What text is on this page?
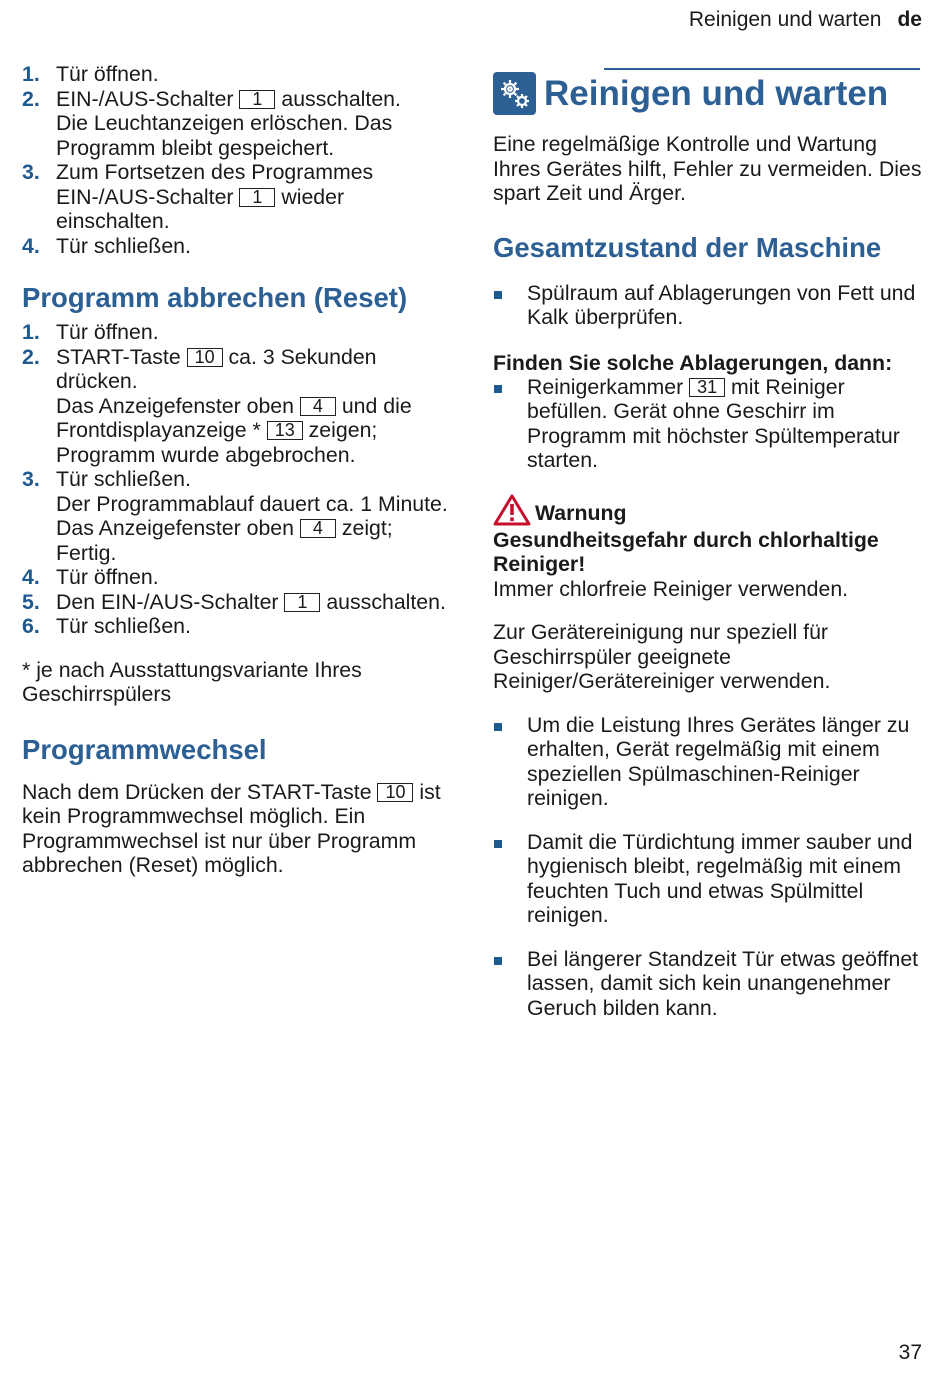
Reinigen und warten de
1. Tür öffnen.
2. EIN-/AUS-Schalter 1 ausschalten.
Die Leuchtanzeigen erlöschen. Das Programm bleibt gespeichert.
3. Zum Fortsetzen des Programmes EIN-/AUS-Schalter 1 wieder einschalten.
4. Tür schließen.
Programm abbrechen (Reset)
1. Tür öffnen.
2. START-Taste 10 ca. 3 Sekunden drücken.
Das Anzeigefenster oben 4 und die Frontdisplayanzeige * 13 zeigen; Programm wurde abgebrochen.
3. Tür schließen.
Der Programmablauf dauert ca. 1 Minute. Das Anzeigefenster oben 4 zeigt; Fertig.
4. Tür öffnen.
5. Den EIN-/AUS-Schalter 1 ausschalten.
6. Tür schließen.

* je nach Ausstattungsvariante Ihres Geschirrspülers

Programmwechsel

Nach dem Drücken der START-Taste 10 ist kein Programmwechsel möglich. Ein Programmwechsel ist nur über Programm abbrechen (Reset) möglich.

Reinigen und warten

Eine regelmäßige Kontrolle und Wartung Ihres Gerätes hilft, Fehler zu vermeiden. Dies spart Zeit und Ärger.

Gesamtzustand der Maschine
Spülraum auf Ablagerungen von Fett und Kalk überprüfen.
Finden Sie solche Ablagerungen, dann:
Reinigerkammer 31 mit Reiniger befüllen. Gerät ohne Geschirr im Programm mit höchster Spültemperatur starten.
Warnung
Gesundheitsgefahr durch chlorhaltige Reiniger!

Immer chlorfreie Reiniger verwenden.

Zur Gerätereinigung nur speziell für Geschirrspüler geeignete Reiniger/Gerätereiniger verwenden.

Um die Leistung Ihres Gerätes länger zu erhalten, Gerät regelmäßig mit einem speziellen Spülmaschinen-Reiniger reinigen.
Damit die Türdichtung immer sauber und hygienisch bleibt, regelmäßig mit einem feuchten Tuch und etwas Spülmittel reinigen.
Bei längerer Standzeit Tür etwas geöffnet lassen, damit sich kein unangenehmer Geruch bilden kann.
37
